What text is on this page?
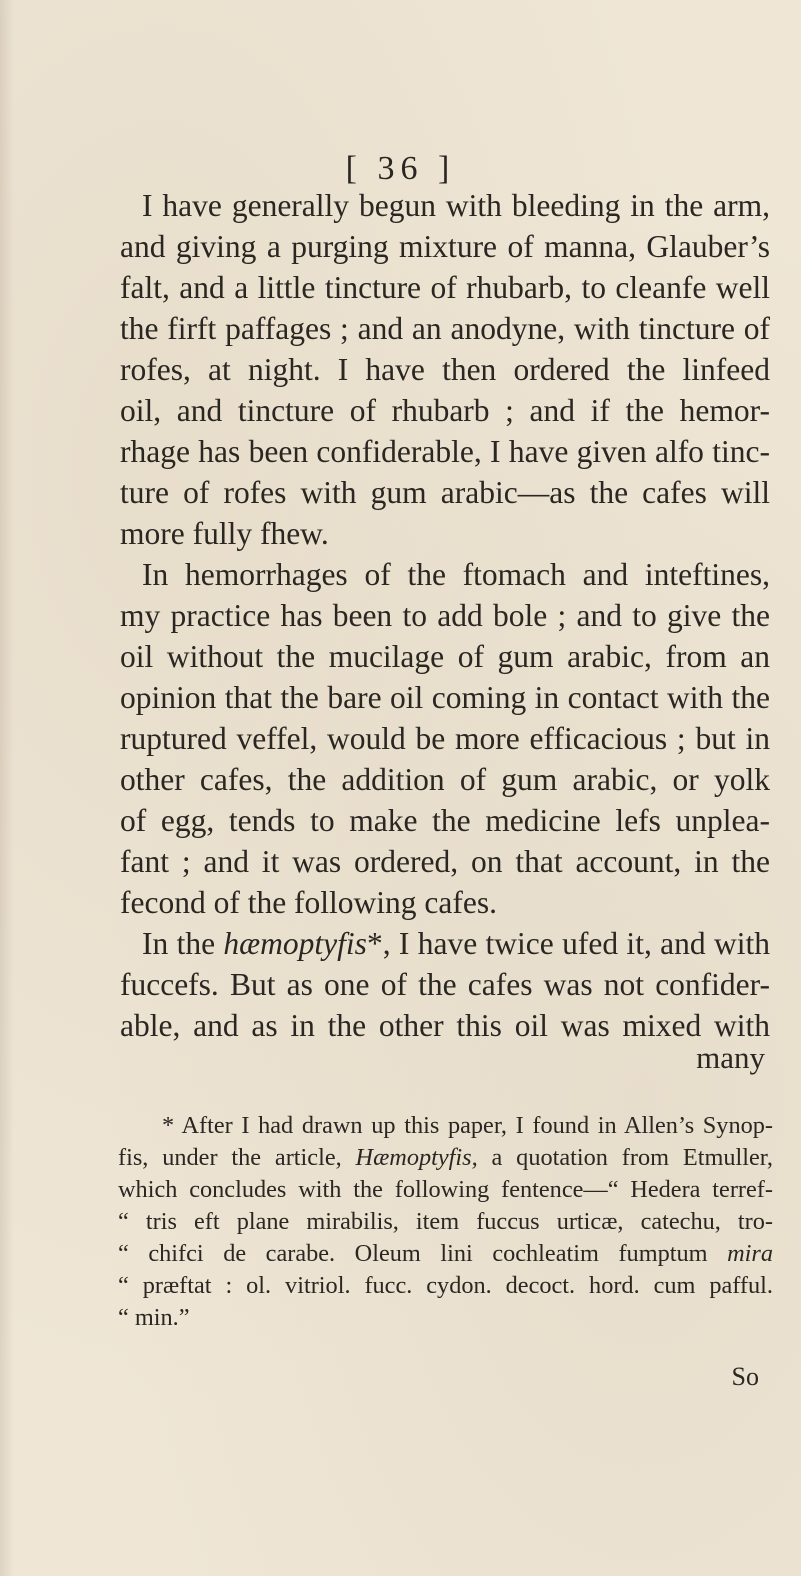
[ 36 ]
I have generally begun with bleeding in the arm,
and giving a purging mixture of manna, Glauber’s
falt, and a little tincture of rhubarb, to cleanfe well
the firft paffages ; and an anodyne, with tincture of
rofes, at night. I have then ordered the linfeed
oil, and tincture of rhubarb ; and if the hemor-
rhage has been confiderable, I have given alfo tinc-
ture of rofes with gum arabic—as the cafes will
more fully fhew.
In hemorrhages of the ftomach and inteftines,
my practice has been to add bole ; and to give the
oil without the mucilage of gum arabic, from an
opinion that the bare oil coming in contact with the
ruptured veffel, would be more efficacious ; but in
other cafes, the addition of gum arabic, or yolk
of egg, tends to make the medicine lefs unplea-
fant ; and it was ordered, on that account, in the
fecond of the following cafes.
In the hæmoptyfis*, I have twice ufed it, and with
fuccefs. But as one of the cafes was not confider-
able, and as in the other this oil was mixed with
many
* After I had drawn up this paper, I found in Allen’s Synop-
fis, under the article, Hæmoptyfis, a quotation from Etmuller,
which concludes with the following fentence—“ Hedera terref-
“ tris eft plane mirabilis, item fuccus urticæ, catechu, tro-
“ chifci de carabe. Oleum lini cochleatim fumptum mira
“ præftat : ol. vitriol. fucc. cydon. decoct. hord. cum pafful.
“ min.”
So
